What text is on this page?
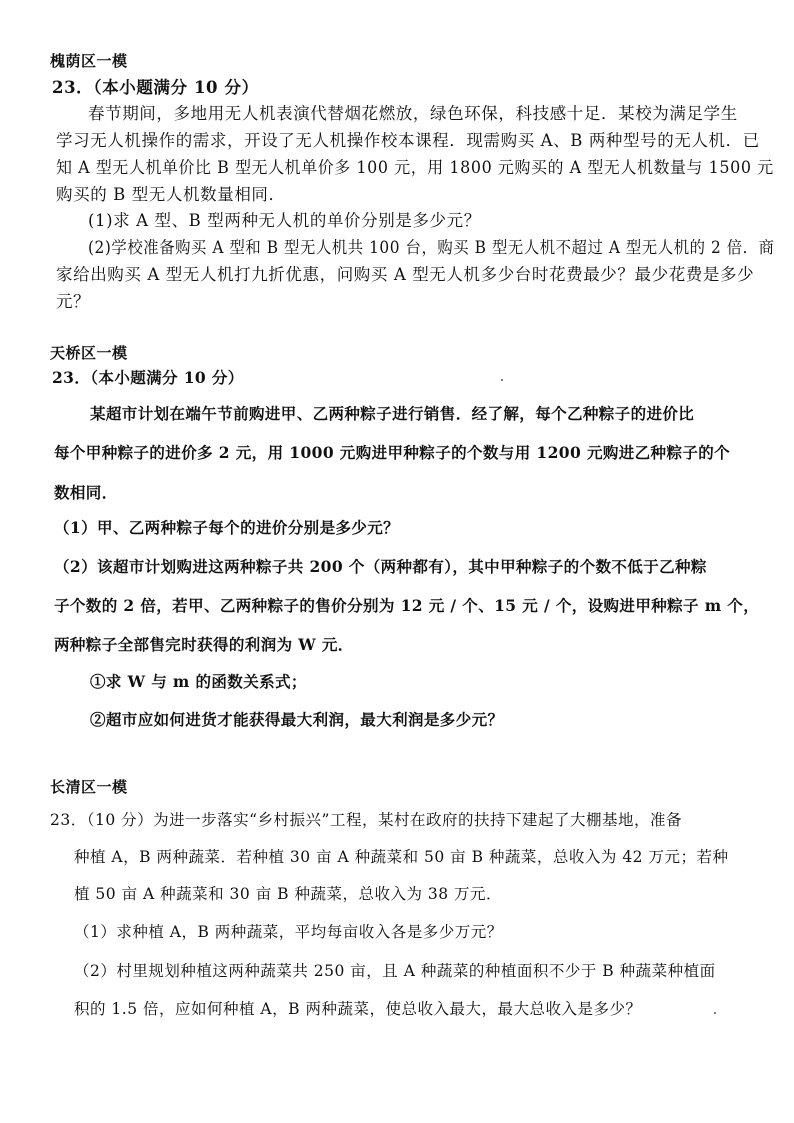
槐荫区一模
23．（本小题满分 10 分）
春节期间，多地用无人机表演代替烟花燃放，绿色环保，科技感十足．某校为满足学生
学习无人机操作的需求，开设了无人机操作校本课程．现需购买 A、B 两种型号的无人机．已
知 A 型无人机单价比 B 型无人机单价多 100 元，用 1800 元购买的 A 型无人机数量与 1500 元
购买的 B 型无人机数量相同．
(1)求 A 型、B 型两种无人机的单价分别是多少元？
(2)学校准备购买 A 型和 B 型无人机共 100 台，购买 B 型无人机不超过 A 型无人机的 2 倍．商
家给出购买 A 型无人机打九折优惠，问购买 A 型无人机多少台时花费最少？最少花费是多少
元？
天桥区一模
23．（本小题满分 10 分）
某超市计划在端午节前购进甲、乙两种粽子进行销售．经了解，每个乙种粽子的进价比
每个甲种粽子的进价多 2 元，用 1000 元购进甲种粽子的个数与用 1200 元购进乙种粽子的个
数相同．
（1）甲、乙两种粽子每个的进价分别是多少元？
（2）该超市计划购进这两种粽子共 200 个（两种都有），其中甲种粽子的个数不低于乙种粽
子个数的 2 倍，若甲、乙两种粽子的售价分别为 12 元 / 个、15 元 / 个，设购进甲种粽子 m 个，
两种粽子全部售完时获得的利润为 W 元．
①求 W 与 m 的函数关系式；
②超市应如何进货才能获得最大利润，最大利润是多少元？
长清区一模
23．（10 分）为进一步落实“乡村振兴”工程，某村在政府的扶持下建起了大棚基地，准备
种植 A，B 两种蔬菜．若种植 30 亩 A 种蔬菜和 50 亩 B 种蔬菜，总收入为 42 万元；若种
植 50 亩 A 种蔬菜和 30 亩 B 种蔬菜，总收入为 38 万元．
（1）求种植 A，B 两种蔬菜，平均每亩收入各是多少万元？
（2）村里规划种植这两种蔬菜共 250 亩，且 A 种蔬菜的种植面积不少于 B 种蔬菜种植面
积的 1.5 倍，应如何种植 A，B 两种蔬菜，使总收入最大，最大总收入是多少？
